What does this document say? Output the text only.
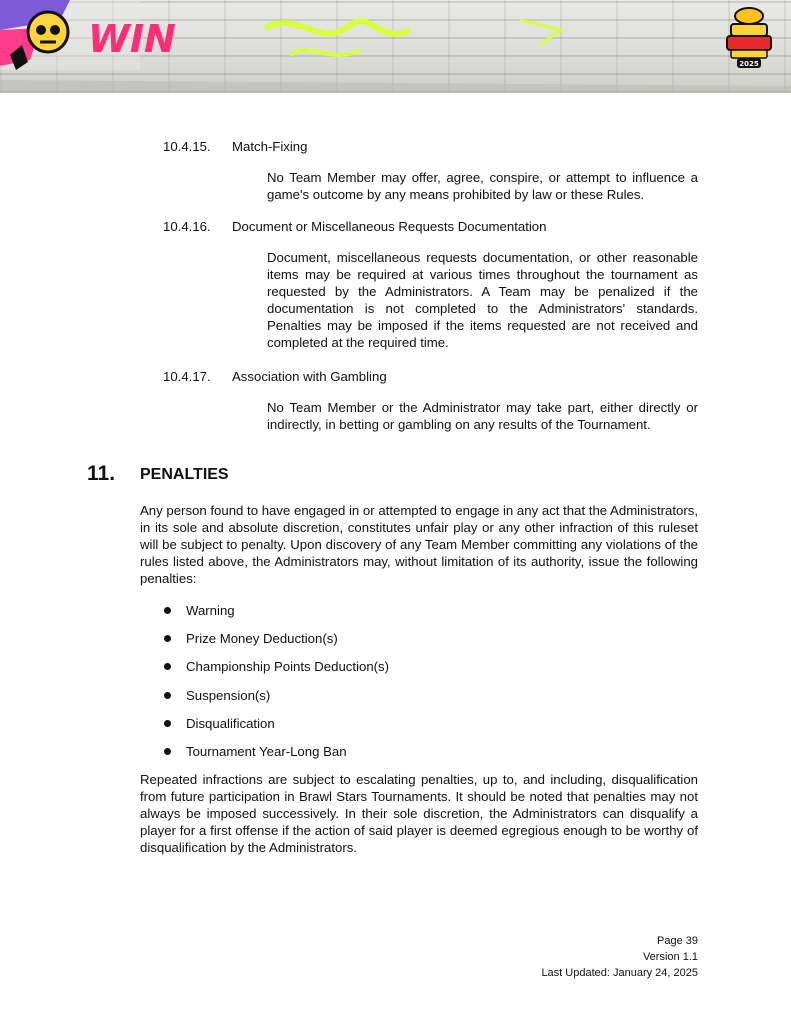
WIN
2025
10.4.15. Match-Fixing
No Team Member may offer, agree, conspire, or attempt to influence a game's outcome by any means prohibited by law or these Rules.
10.4.16. Document or Miscellaneous Requests Documentation
Document, miscellaneous requests documentation, or other reasonable items may be required at various times throughout the tournament as requested by the Administrators. A Team may be penalized if the documentation is not completed to the Administrators' standards. Penalties may be imposed if the items requested are not received and completed at the required time.
10.4.17. Association with Gambling
No Team Member or the Administrator may take part, either directly or indirectly, in betting or gambling on any results of the Tournament.
11. PENALTIES
Any person found to have engaged in or attempted to engage in any act that the Administrators, in its sole and absolute discretion, constitutes unfair play or any other infraction of this ruleset will be subject to penalty. Upon discovery of any Team Member committing any violations of the rules listed above, the Administrators may, without limitation of its authority, issue the following penalties:
Warning
Prize Money Deduction(s)
Championship Points Deduction(s)
Suspension(s)
Disqualification
Tournament Year-Long Ban
Repeated infractions are subject to escalating penalties, up to, and including, disqualification from future participation in Brawl Stars Tournaments. It should be noted that penalties may not always be imposed successively. In their sole discretion, the Administrators can disqualify a player for a first offense if the action of said player is deemed egregious enough to be worthy of disqualification by the Administrators.
Page 39
Version 1.1
Last Updated: January 24, 2025
